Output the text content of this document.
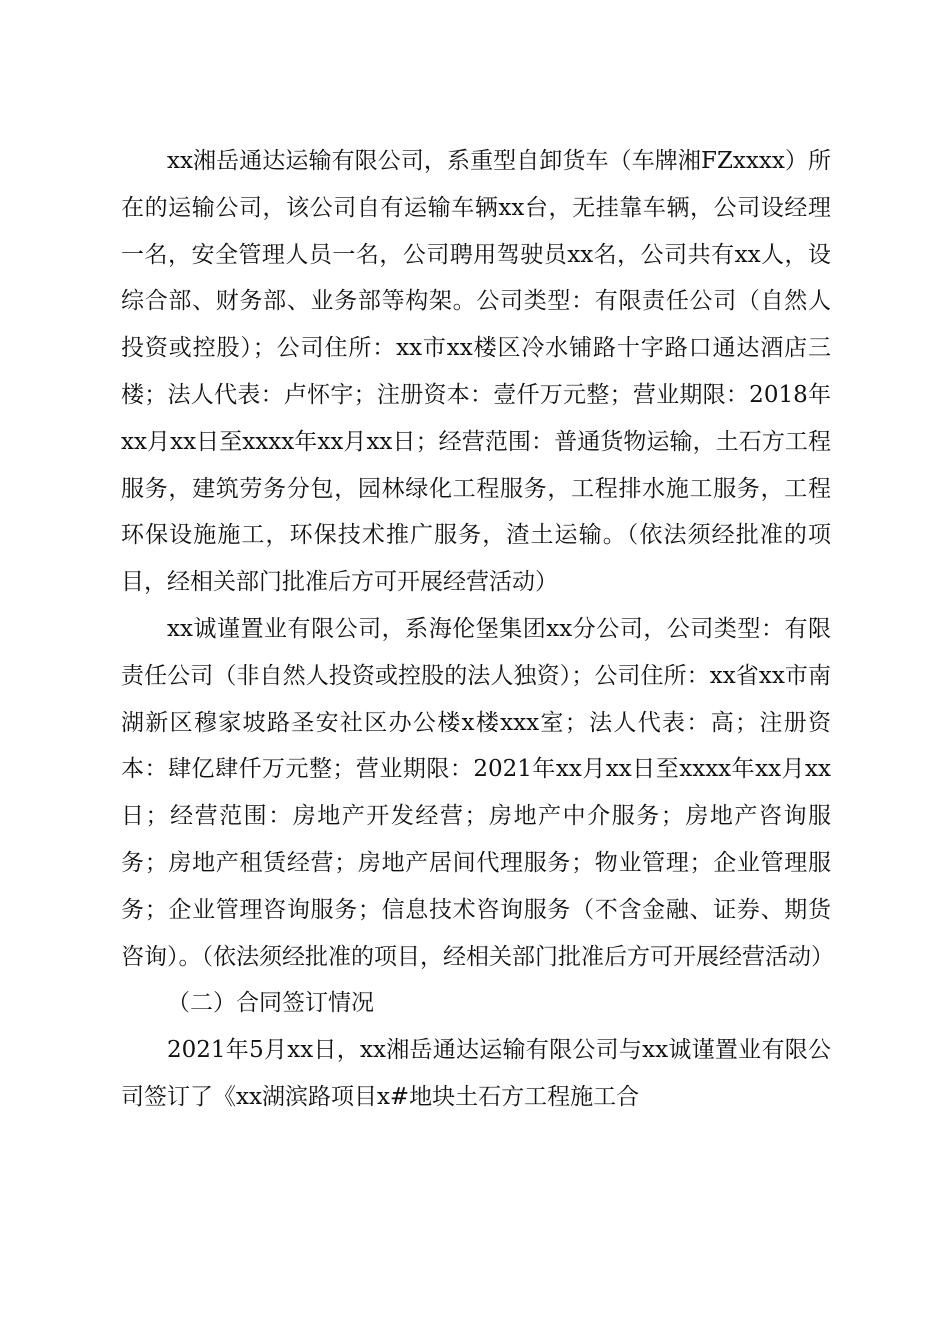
xx湘岳通达运输有限公司，系重型自卸货车（车牌湘FZxxxx）所在的运输公司，该公司自有运输车辆xx台，无挂靠车辆，公司设经理一名，安全管理人员一名，公司聘用驾驶员xx名，公司共有xx人，设综合部、财务部、业务部等构架。公司类型：有限责任公司（自然人投资或控股）；公司住所：xx市xx楼区冷水铺路十字路口通达酒店三楼；法人代表：卢怀宇；注册资本：壹仟万元整；营业期限：2018年xx月xx日至xxxx年xx月xx日；经营范围：普通货物运输，土石方工程服务，建筑劳务分包，园林绿化工程服务，工程排水施工服务，工程环保设施施工，环保技术推广服务，渣土运输。（依法须经批准的项目，经相关部门批准后方可开展经营活动）

xx诚谨置业有限公司，系海伦堡集团xx分公司，公司类型：有限责任公司（非自然人投资或控股的法人独资）；公司住所：xx省xx市南湖新区穆家坡路圣安社区办公楼x楼xxx室；法人代表：高；注册资本：肆亿肆仟万元整；营业期限：2021年xx月xx日至xxxx年xx月xx日；经营范围：房地产开发经营；房地产中介服务；房地产咨询服务；房地产租赁经营；房地产居间代理服务；物业管理；企业管理服务；企业管理咨询服务；信息技术咨询服务（不含金融、证券、期货咨询）。（依法须经批准的项目，经相关部门批准后方可开展经营活动）

（二）合同签订情况

2021年5月xx日，xx湘岳通达运输有限公司与xx诚谨置业有限公司签订了《xx湖滨路项目x#地块土石方工程施工合
